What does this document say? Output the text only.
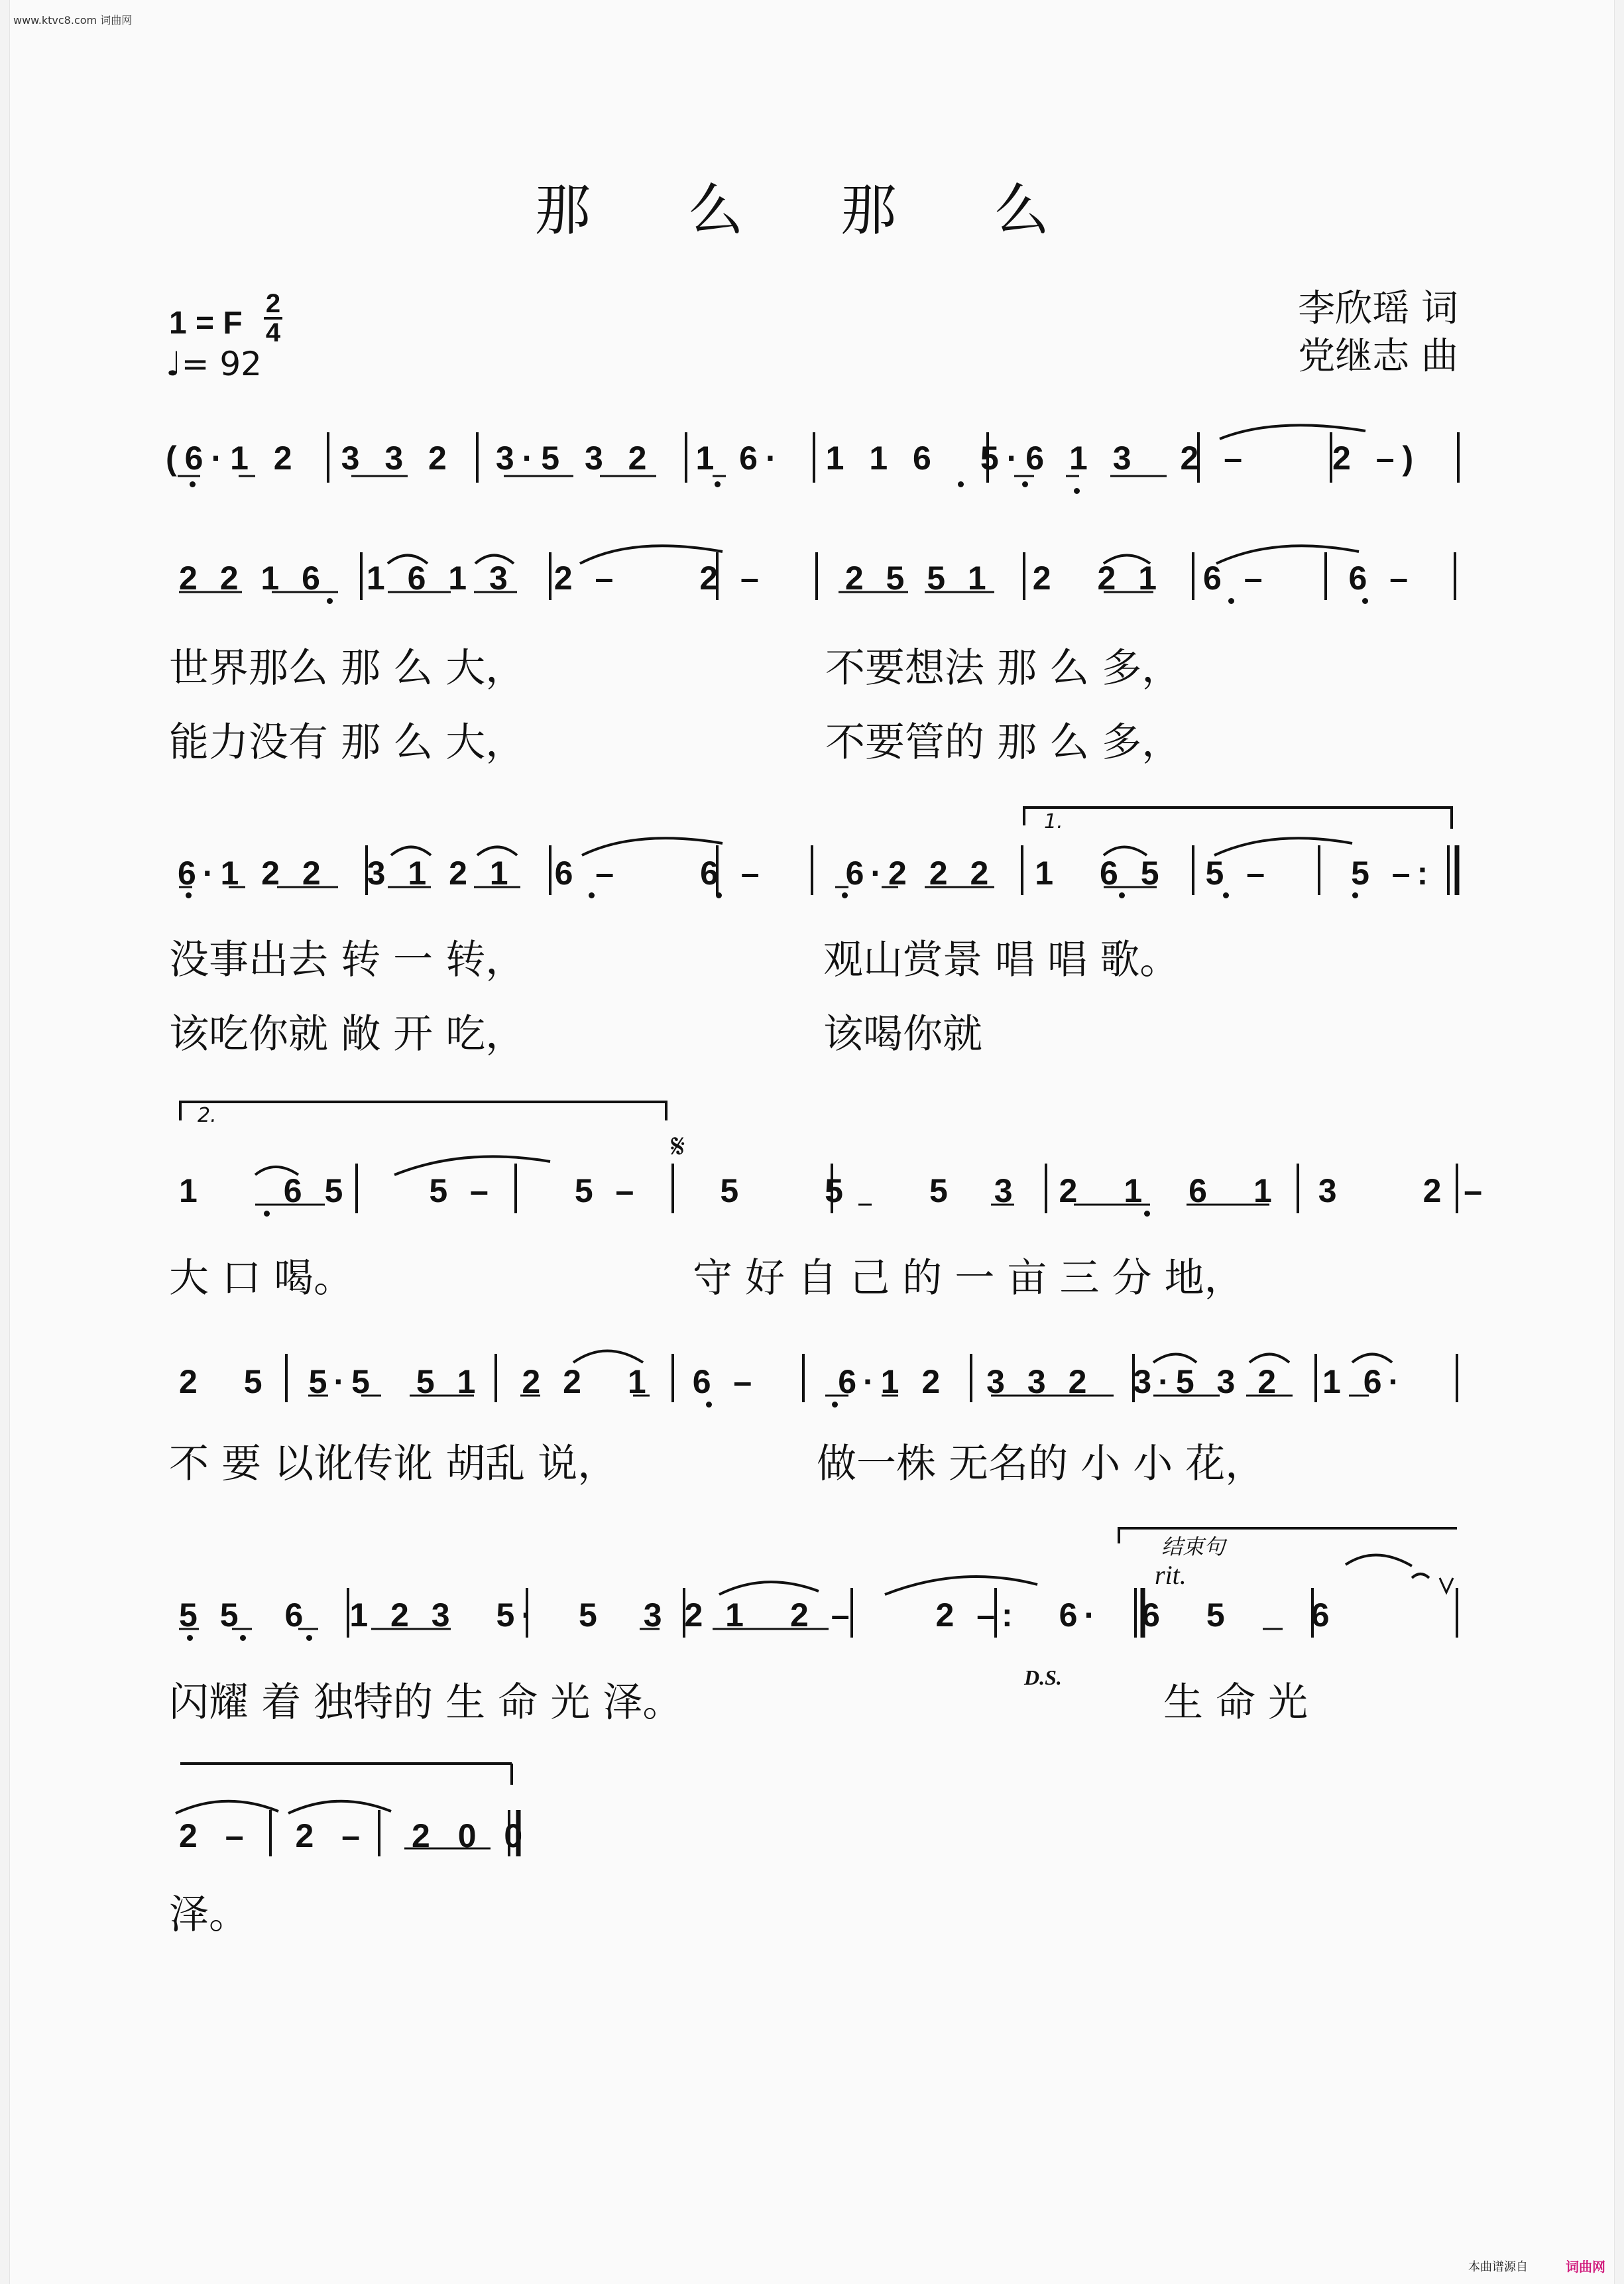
www.ktvc8.com 词曲网
那 么 那 么
1 = F
2
4
♩= 92
李欣瑶 词
党继志 曲
(6·1 2 3 3 2 3·5 3 2 1 6· 1 1 6 5·6 1 3 2 –  2 –)
2 2 1 6 1 6 1 3 2 –  2 –  2 5 5 1 2 2 1 6 –  6 –
6·1 2 2 3 1 2 1 6 –  6 –  6·2 2 2 1 6 5 5 –  5 –:
1  6 5  5 –  5 –  5  5  5 3 2 1 6 1 3  2 –
2 5 5·5 5 1 2 2 1 6 –  6·1 2 3 3 2 3·5 3 2 1 6·
5 5 6 1 2 3 5· 5 3 2 1 2 –  2 –: 6· 6 5  6
2 – 2 – 2 0 0
1.
2.
𝄋
结束句
rit.
D.S.
世界那么 那 么 大，	不要想法 那 么 多，
能力没有 那 么 大，	不要管的 那 么 多，
没事出去 转 一 转，	观山赏景 唱 唱 歌。
该吃你就 敞 开 吃，	该喝你就
大 口 喝。	守 好 自 己 的 一 亩 三 分 地，
不 要 以讹传讹 胡乱 说，	做一株 无名的 小 小 花，
闪耀 着 独特的 生 命 光 泽。	生 命 光
泽。
本曲谱源自	词曲网
